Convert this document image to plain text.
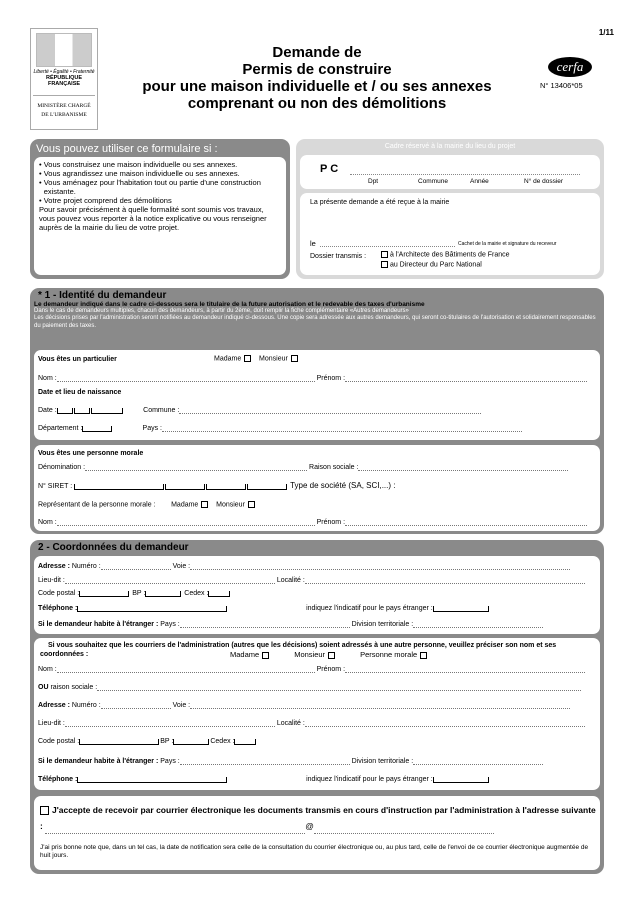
1/11
Liberté • Égalité • Fraternité
RÉPUBLIQUE FRANÇAISE
MINISTÈRE CHARGÉ
DE L'URBANISME
Demande de
Permis de construire
pour une maison individuelle et / ou ses annexes
comprenant ou non des démolitions
cerfa
N° 13406*05
Vous pouvez utiliser ce formulaire si :
• Vous construisez une maison individuelle ou ses annexes.
• Vous agrandissez une maison individuelle ou ses annexes.
• Vous aménagez pour l'habitation tout ou partie d'une construction existante.
• Votre projet comprend des démolitions
Pour savoir précisément à quelle formalité sont soumis vos travaux, vous pouvez vous reporter à la notice explicative ou vous renseigner auprès de la mairie du lieu de votre projet.
Cadre réservé à la mairie du lieu du projet
P C
Dpt	Commune	Année	N° de dossier
La présente demande a été reçue à la mairie
le	Cachet de la mairie et signature du receveur
Dossier transmis :	à l'Architecte des Bâtiments de France
au Directeur du Parc National
* 1 - Identité du demandeur
Le demandeur indiqué dans le cadre ci-dessous sera le titulaire de la future autorisation et le redevable des taxes d'urbanisme
Dans le cas de demandeurs multiples, chacun des demandeurs, à partir du 2ème, doit remplir la fiche complémentaire «Autres demandeurs»
Les décisions prises par l'administration seront notifiées au demandeur indiqué ci-dessous. Une copie sera adressée aux autres demandeurs, qui seront co-titulaires de l'autorisation et solidairement responsables du paiement des taxes.
Vous êtes un particulier	Madame	Monsieur
Nom :	Prénom :
Date et lieu de naissance
Date :	Commune :
Département :	Pays :
Vous êtes une personne morale
Dénomination :	Raison sociale :
N° SIRET :	Type de société (SA, SCI,...) :
Représentant de la personne morale : Madame	Monsieur
Nom :	Prénom :
2 - Coordonnées du demandeur
Adresse : Numéro :	Voie :
Lieu-dit :	Localité :
Code postal :	BP :	Cedex :
Téléphone :	indiquez l'indicatif pour le pays étranger :
Si le demandeur habite à l'étranger : Pays :	Division territoriale :
Si vous souhaitez que les courriers de l'administration (autres que les décisions) soient adressés à une autre personne, veuillez préciser son nom et ses coordonnées :	Madame	Monsieur	Personne morale
Nom :	Prénom :
OU raison sociale :
Adresse : Numéro :	Voie :
Lieu-dit :	Localité :
Code postal :	BP :	Cedex :
Si le demandeur habite à l'étranger : Pays :	Division territoriale :
Téléphone :	indiquez l'indicatif pour le pays étranger :
J'accepte de recevoir par courrier électronique les documents transmis en cours d'instruction par l'administration à l'adresse suivante :	@
J'ai pris bonne note que, dans un tel cas, la date de notification sera celle de la consultation du courrier électronique ou, au plus tard, celle de l'envoi de ce courrier électronique augmentée de huit jours.
